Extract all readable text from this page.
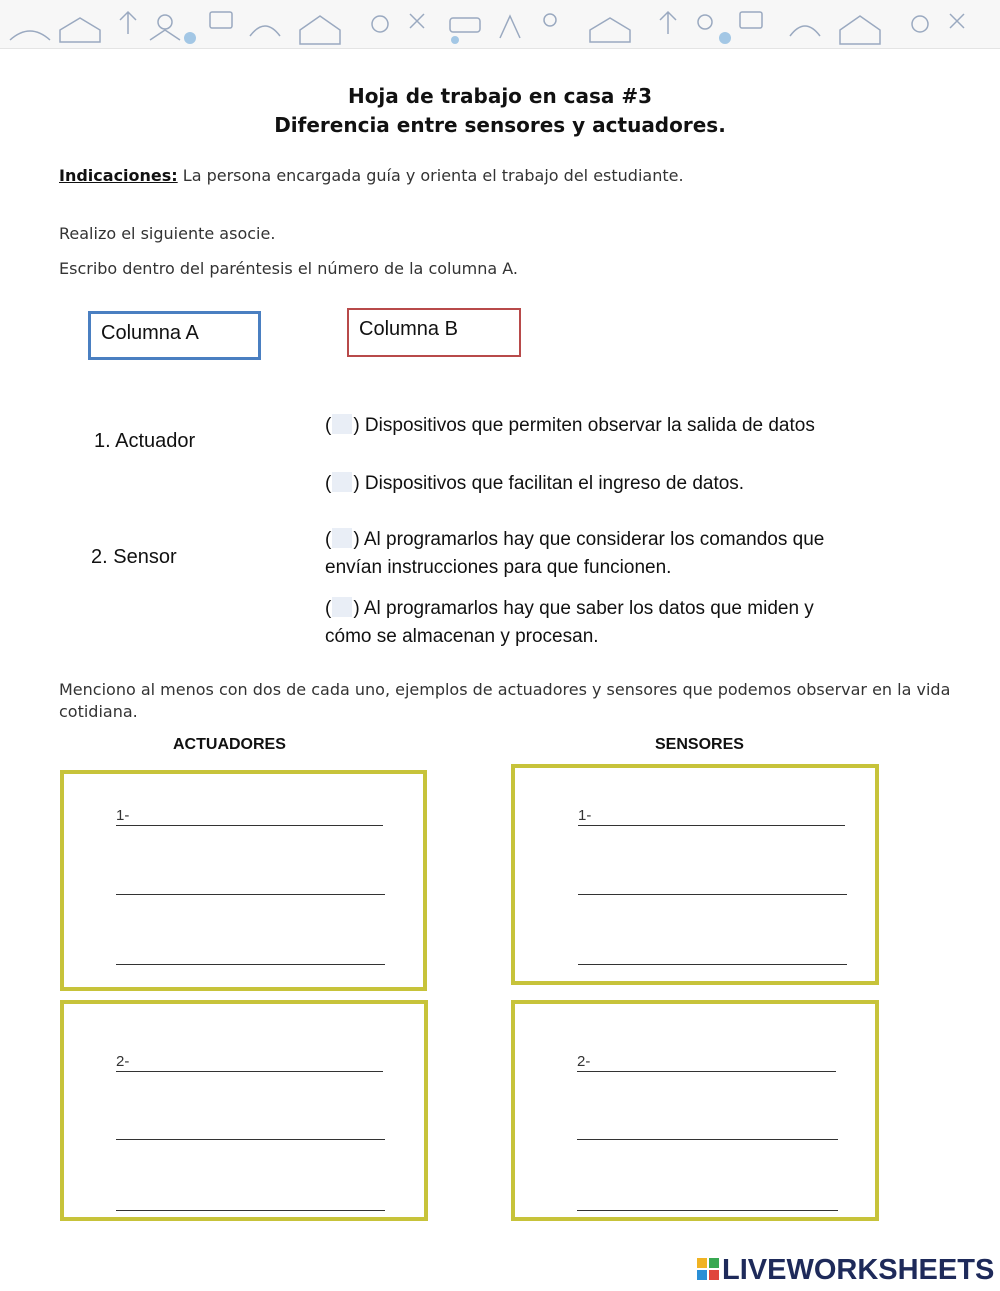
Hoja de trabajo en casa #3
Diferencia entre sensores y actuadores.
Indicaciones: La persona encargada guía y orienta el trabajo del estudiante.
Realizo el siguiente asocie.
Escribo dentro del paréntesis el número de la columna A.
Columna A	Columna B
1. Actuador
2. Sensor
( ) Dispositivos que permiten observar la salida de datos
( ) Dispositivos que facilitan el ingreso de datos.
( ) Al programarlos hay que considerar los comandos que
envían instrucciones para que funcionen.
( ) Al programarlos hay que saber los datos que miden y
cómo se almacenan y procesan.
Menciono al menos con dos de cada uno, ejemplos de actuadores y sensores que podemos observar en la vida cotidiana.
ACTUADORES	SENSORES
1-	1-
2-	2-
LIVEWORKSHEETS
